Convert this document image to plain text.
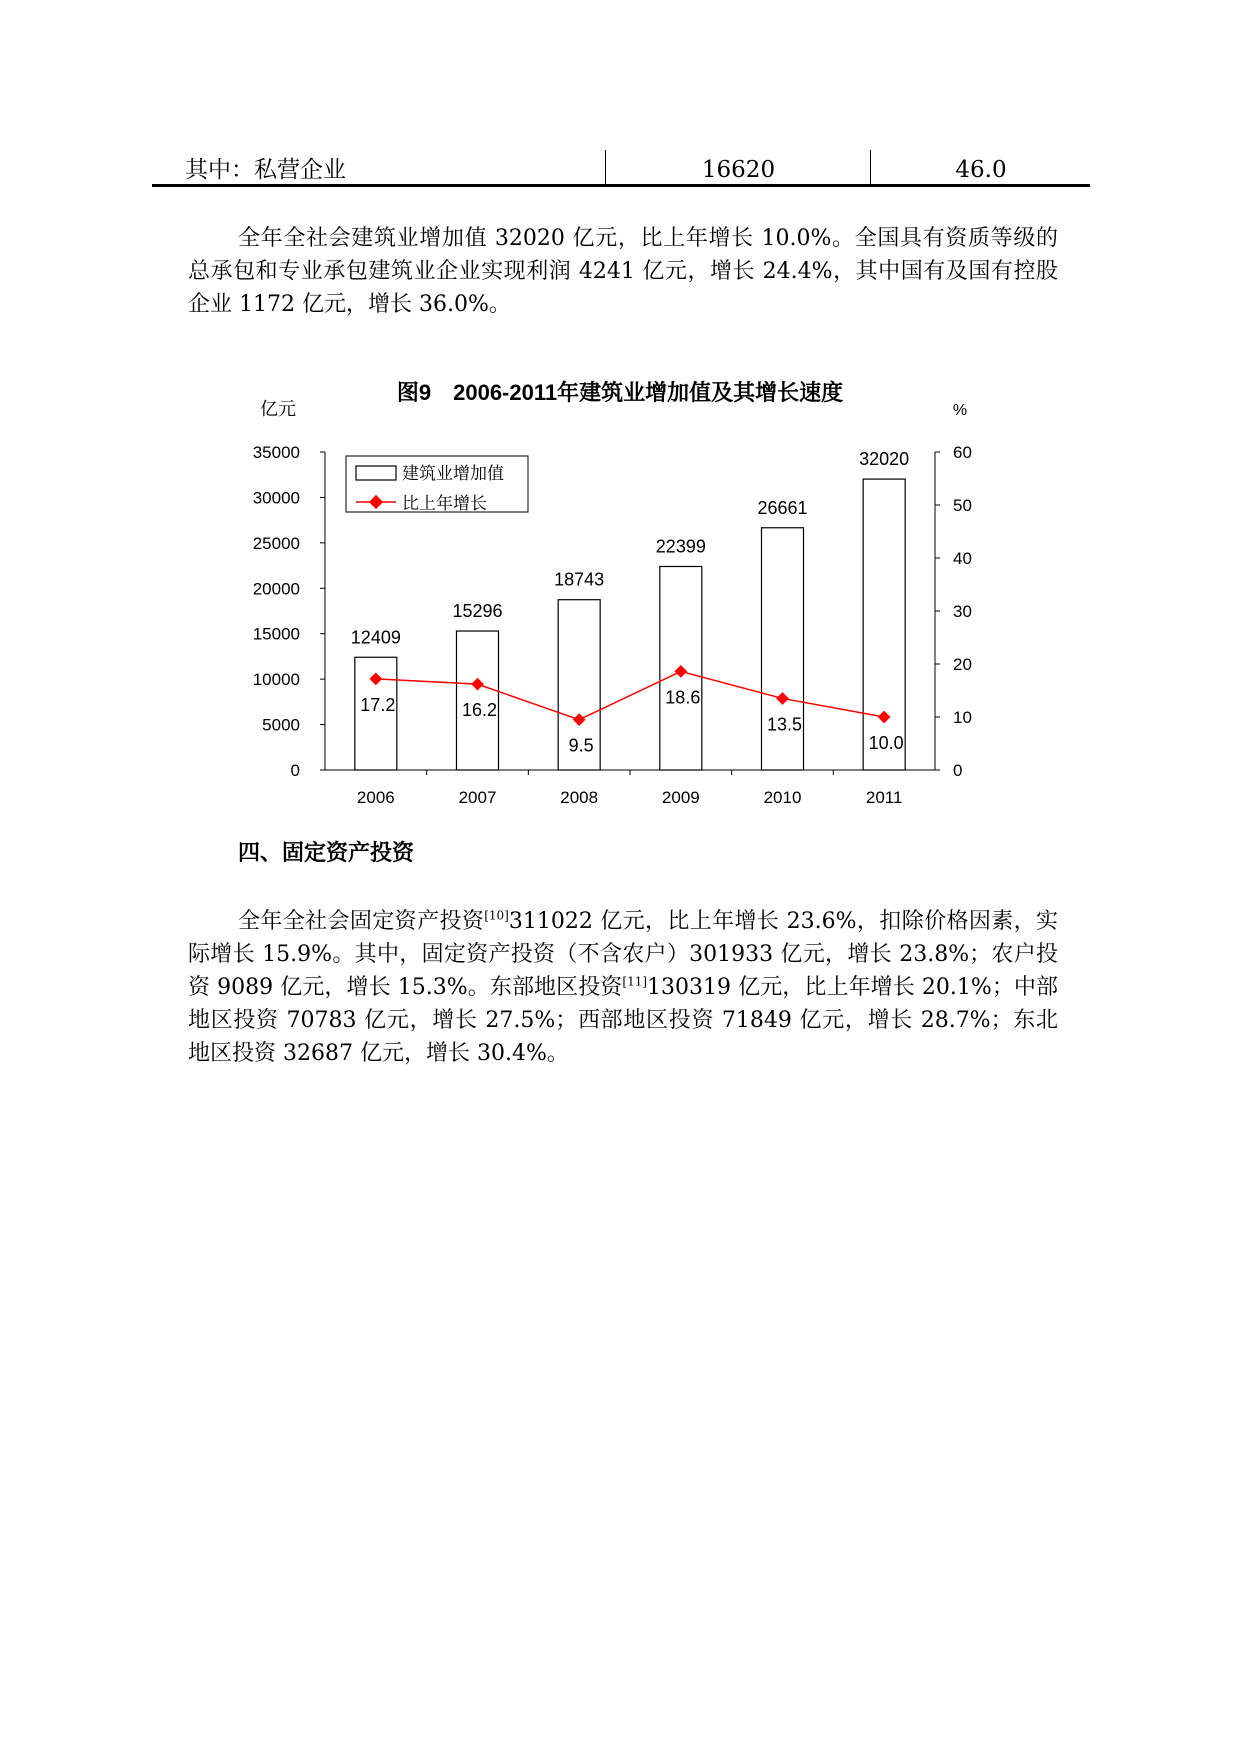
其中：私营企业	16620	46.0

全年全社会建筑业增加值 32020 亿元，比上年增长 10.0%。全国具有资质等级的总承包和专业承包建筑业企业实现利润 4241 亿元，增长 24.4%，其中国有及国有控股企业 1172 亿元，增长 36.0%。

图9　2006-2011年建筑业增加值及其增长速度
亿元	%
0
5000
10000
15000
20000
25000
30000
35000
0
10
20
30
40
50
60
12409
15296
18743
22399
26661
32020
17.2	16.2
9.5
18.6
13.5
10.0
2006	2007	2008	2009	2010	2011
建筑业增加值
比上年增长
四、固定资产投资

全年全社会固定资产投资[10]311022 亿元，比上年增长 23.6%，扣除价格因素，实际增长 15.9%。其中，固定资产投资（不含农户）301933 亿元，增长 23.8%；农户投资 9089 亿元，增长 15.3%。东部地区投资[11]130319 亿元，比上年增长 20.1%；中部地区投资 70783 亿元，增长 27.5%；西部地区投资 71849 亿元，增长 28.7%；东北地区投资 32687 亿元，增长 30.4%。
